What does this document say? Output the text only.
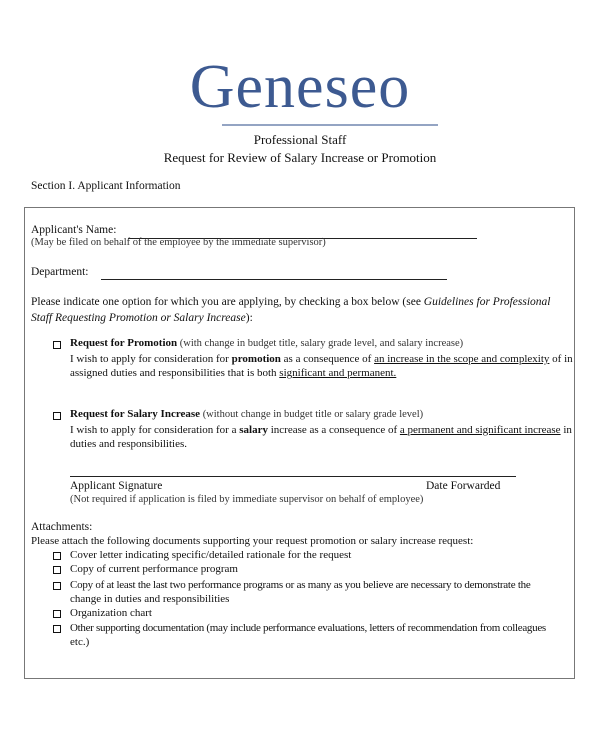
Geneseo
Professional Staff
Request for Review of Salary Increase or Promotion
Section I. Applicant Information
Applicant's Name:
(May be filed on behalf of the employee by the immediate supervisor)
Department:
Please indicate one option for which you are applying, by checking a box below (see Guidelines for Professional Staff Requesting Promotion or Salary Increase):
Request for Promotion (with change in budget title, salary grade level, and salary increase)
I wish to apply for consideration for promotion as a consequence of an increase in the scope and complexity of in
assigned duties and responsibilities that is both significant and permanent.
Request for Salary Increase (without change in budget title or salary grade level)
I wish to apply for consideration for a salary increase as a consequence of a permanent and significant increase in
duties and responsibilities.
Applicant Signature	Date Forwarded
(Not required if application is filed by immediate supervisor on behalf of employee)
Attachments:
Please attach the following documents supporting your request promotion or salary increase request:
Cover letter indicating specific/detailed rationale for the request
Copy of current performance program
Copy of at least the last two performance programs or as many as you believe are necessary to demonstrate the
change in duties and responsibilities
Organization chart
Other supporting documentation (may include performance evaluations, letters of recommendation from colleagues
etc.)
